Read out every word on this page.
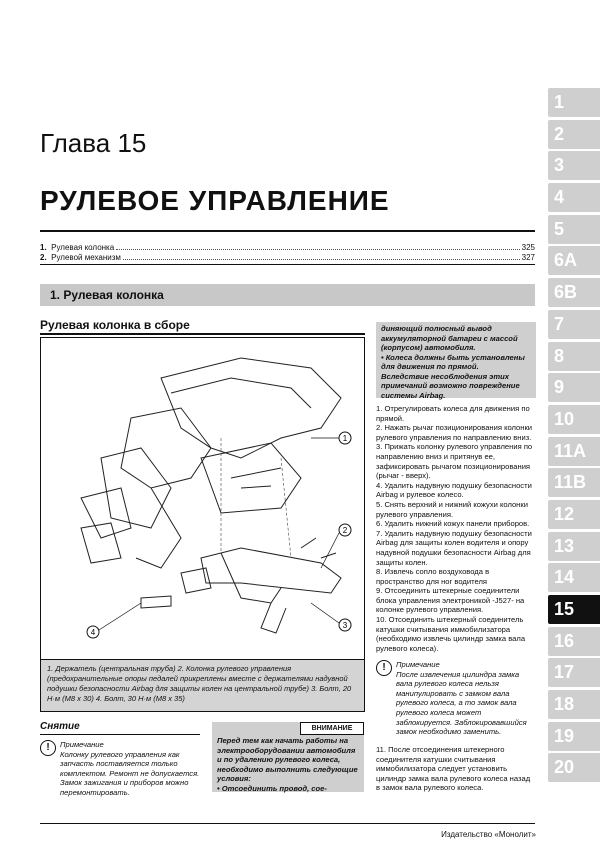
1
2
3
4
5
6A
6B
7
8
9
10
11A
11B
12
13
14
15
16
17
18
19
20
Глава 15
РУЛЕВОЕ УПРАВЛЕНИЕ
1.
Рулевая колонка	325
2.
Рулевой механизм	327
1. Рулевая колонка
Рулевая колонка в сборе
1
2
3
4
1. Держатель (центральная труба) 2. Колонка рулевого управления (предохранительные опоры педалей прикреплены вместе с держателями надувной подушки безопасности Airbag для защиты колен на центральной трубе) 3. Болт, 20 Н·м (М8 x 30) 4. Болт, 30 Н·м (М8 x 35)
Снятие
!	Примечание
Колонку рулевого управления как запчасть поставляется только комплектом. Ремонт не допускается. Замок зажигания и приборов можно перемонтировать.
Перед тем как начать работы на электрооборудовании автомобиля и по удалению рулевого колеса, необходимо выполнить следующие условия:
• Отсоединить провод, сое-
ВНИМАНИЕ
диняющий полюсный вывод аккумуляторной батареи с массой (корпусом) автомобиля.
• Колеса должны быть установлены для движения по прямой.
Вследствие несоблюдения этих примечаний возможно повреждение системы Airbag.
1. Отрегулировать колеса для движения по прямой.
2. Нажать рычаг позиционирования колонки рулевого управления по направлению вниз.
3. Прижать колонку рулевого управления по направлению вниз и притянув ее, зафиксировать рычагом позиционирования (рычаг - вверх).
4. Удалить надувную подушку безопасности Airbag и рулевое колесо.
5. Снять верхний и нижний кожухи колонки рулевого управления.
6. Удалить нижний кожух панели приборов.
7. Удалить надувную подушку безопасности Airbag для защиты колен водителя и опору надувной подушки безопасности Airbag для защиты колен.
8. Извлечь сопло воздуховода в пространство для ног водителя
9. Отсоединить штекерные соединители блока управления электроникой -J527- на колонке рулевого управления.
10. Отсоединить штекерный соединитель катушки считывания иммобилизатора (необходимо извлечь цилиндр замка вала рулевого колеса).
!	Примечание
После извлечения цилиндра замка вала рулевого колеса нельзя манипулировать с замком вала рулевого колеса, а то замок вала рулевого колеса может заблокируется. Заблокировавшийся замок необходимо заменить.
11. После отсоединения штекерного соединителя катушки считывания иммобилизатора следует установить цилиндр замка вала рулевого колеса назад в замок вала рулевого колеса.
Издательство «Монолит»
